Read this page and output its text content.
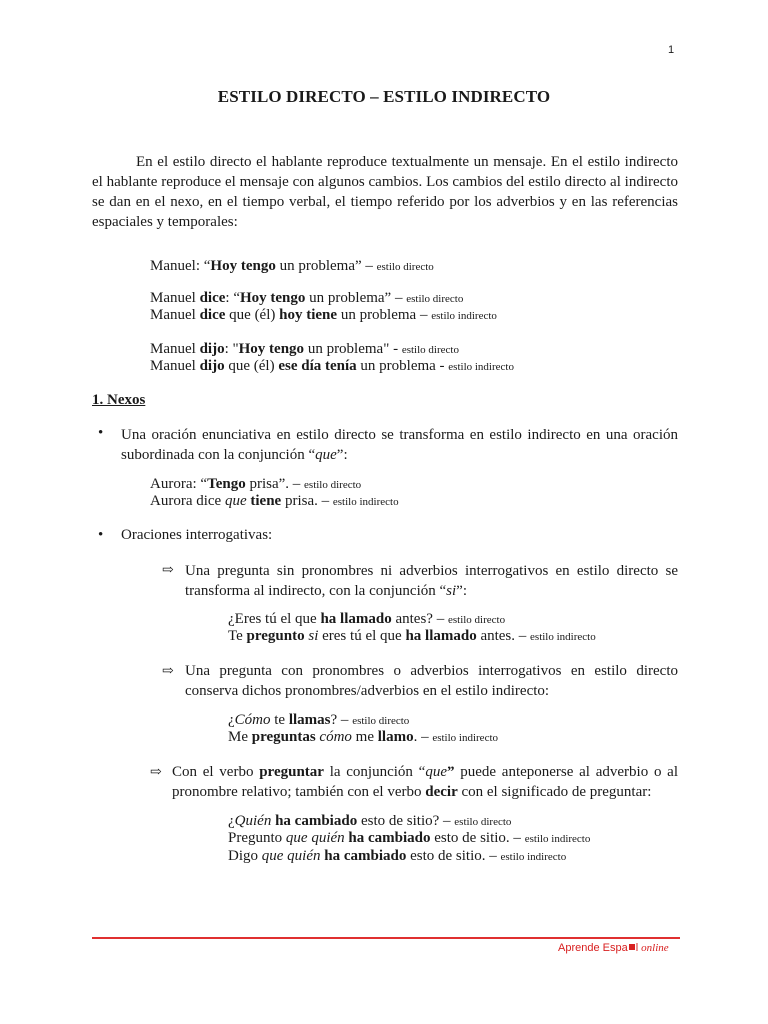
1
ESTILO DIRECTO – ESTILO INDIRECTO

En el estilo directo el hablante reproduce textualmente un mensaje. En el estilo indirecto el hablante reproduce el mensaje con algunos cambios. Los cambios del estilo directo al indirecto se dan en el nexo, en el tiempo verbal, el tiempo referido por los adverbios y en las referencias espaciales y temporales:

Manuel: “Hoy tengo un problema” – estilo directo
Manuel dice: “Hoy tengo un problema” – estilo directo
Manuel dice que (él) hoy tiene un problema – estilo indirecto
Manuel dijo: "Hoy tengo un problema" - estilo directo
Manuel dijo que (él) ese día tenía un problema - estilo indirecto
1. Nexos
• Una oración enunciativa en estilo directo se transforma en estilo indirecto en una oración subordinada con la conjunción “que”:

Aurora: “Tengo prisa”. – estilo directo
Aurora dice que tiene prisa. – estilo indirecto
• Oraciones interrogativas:
⇨ Una pregunta sin pronombres ni adverbios interrogativos en estilo directo se transforma al indirecto, con la conjunción “si”:

¿Eres tú el que ha llamado antes? – estilo directo
Te pregunto si eres tú el que ha llamado antes. – estilo indirecto
⇨ Una pregunta con pronombres o adverbios interrogativos en estilo directo conserva dichos pronombres/adverbios en el estilo indirecto:

¿Cómo te llamas? – estilo directo
Me preguntas cómo me llamo. – estilo indirecto
⇨ Con el verbo preguntar la conjunción “que” puede anteponerse al adverbio o al pronombre relativo; también con el verbo decir con el significado de preguntar:

¿Quién ha cambiado esto de sitio? – estilo directo
Pregunto que quién ha cambiado esto de sitio. – estilo indirecto
Digo que quién ha cambiado esto de sitio. – estilo indirecto
Aprende Espa l online
